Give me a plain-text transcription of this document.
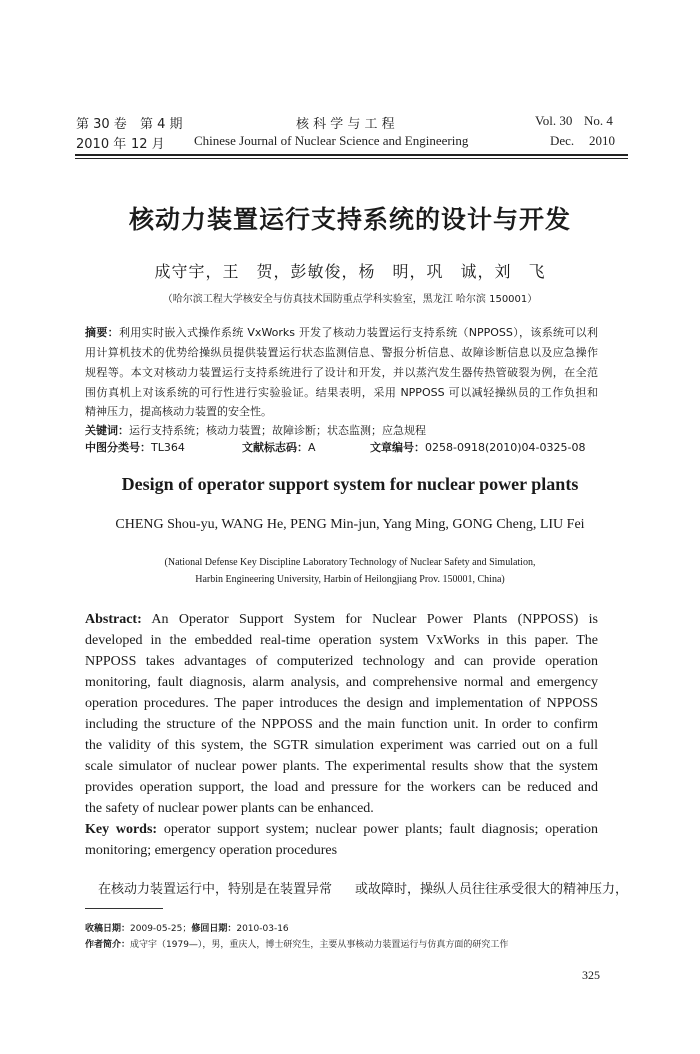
第 30 卷 第 4 期	核 科 学 与 工 程	Vol. 30 No. 4
2010 年 12 月 Chinese Journal of Nuclear Science and Engineering	Dec. 2010
核动力装置运行支持系统的设计与开发
成守宇，王　贺，彭敏俊，杨　明，巩　诚，刘　飞
（哈尔滨工程大学核安全与仿真技术国防重点学科实验室，黑龙江 哈尔滨 150001）
摘要：利用实时嵌入式操作系统 VxWorks 开发了核动力装置运行支持系统（NPPOSS），该系统可以利
用计算机技术的优势给操纵员提供装置运行状态监测信息、警报分析信息、故障诊断信息以及应急操作
规程等。本文对核动力装置运行支持系统进行了设计和开发，并以蒸汽发生器传热管破裂为例，在全范
围仿真机上对该系统的可行性进行实验验证。结果表明，采用 NPPOSS 可以减轻操纵员的工作负担和
精神压力，提高核动力装置的安全性。
关键词：运行支持系统；核动力装置；故障诊断；状态监测；应急规程
中图分类号：TL364	文献标志码：A	文章编号：0258-0918(2010)04-0325-08
Design of operator support system for nuclear power plants
CHENG Shou-yu, WANG He, PENG Min-jun, Yang Ming, GONG Cheng, LIU Fei
(National Defense Key Discipline Laboratory Technology of Nuclear Safety and Simulation,
Harbin Engineering University, Harbin of Heilongjiang Prov. 150001, China)
Abstract: An Operator Support System for Nuclear Power Plants (NPPOSS) is
developed in the embedded real-time operation system VxWorks in this paper. The
NPPOSS takes advantages of computerized technology and can provide operation
monitoring, fault diagnosis, alarm analysis, and comprehensive normal and emergency
operation procedures. The paper introduces the design and implementation of NPPOSS
including the structure of the NPPOSS and the main function unit. In order to confirm
the validity of this system, the SGTR simulation experiment was carried out on a full
scale simulator of nuclear power plants. The experimental results show that the system
provides operation support, the load and pressure for the workers can be reduced and
the safety of nuclear power plants can be enhanced.
Key words: operator support system; nuclear power plants; fault diagnosis; operation
monitoring; emergency operation procedures
在核动力装置运行中，特别是在装置异常 或故障时，操纵人员往往承受很大的精神压力，
收稿日期：2009-05-25；修回日期：2010-03-16
作者简介：成守宇（1979—），男，重庆人，博士研究生，主要从事核动力装置运行与仿真方面的研究工作
325
